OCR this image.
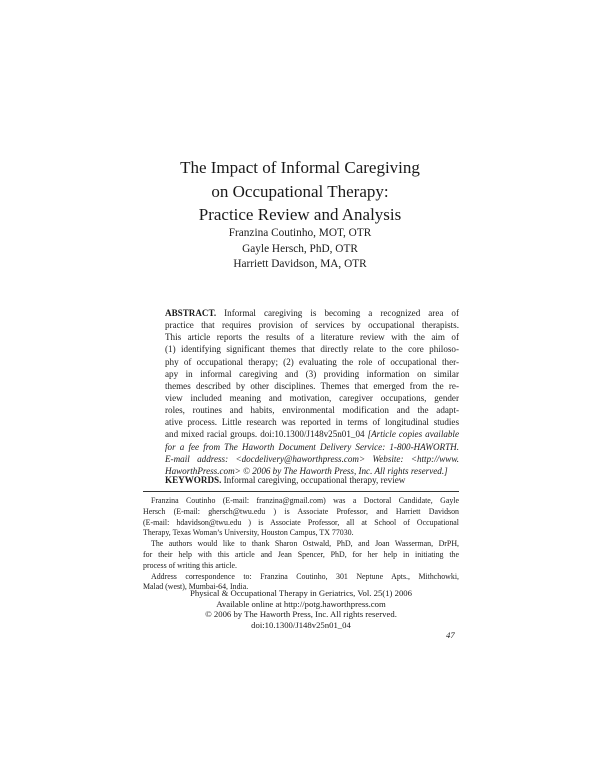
The Impact of Informal Caregiving
on Occupational Therapy:
Practice Review and Analysis
Franzina Coutinho, MOT, OTR
Gayle Hersch, PhD, OTR
Harriett Davidson, MA, OTR
ABSTRACT. Informal caregiving is becoming a recognized area of
practice that requires provision of services by occupational therapists.
This article reports the results of a literature review with the aim of
(1) identifying significant themes that directly relate to the core philoso-
phy of occupational therapy; (2) evaluating the role of occupational ther-
apy in informal caregiving and (3) providing information on similar
themes described by other disciplines. Themes that emerged from the re-
view included meaning and motivation, caregiver occupations, gender
roles, routines and habits, environmental modification and the adapt-
ative process. Little research was reported in terms of longitudinal studies
and mixed racial groups. doi:10.1300/J148v25n01_04 [Article copies available
for a fee from The Haworth Document Delivery Service: 1-800-HAWORTH.
E-mail address: <docdelivery@haworthpress.com> Website: <http://www.
HaworthPress.com> © 2006 by The Haworth Press, Inc. All rights reserved.]
KEYWORDS. Informal caregiving, occupational therapy, review
Franzina Coutinho (E-mail: franzina@gmail.com) was a Doctoral Candidate, Gayle
Hersch (E-mail: ghersch@twu.edu ) is Associate Professor, and Harriett Davidson
(E-mail: hdavidson@twu.edu ) is Associate Professor, all at School of Occupational
Therapy, Texas Woman’s University, Houston Campus, TX 77030.
The authors would like to thank Sharon Ostwald, PhD, and Joan Wasserman, DrPH,
for their help with this article and Jean Spencer, PhD, for her help in initiating the
process of writing this article.
Address correspondence to: Franzina Coutinho, 301 Neptune Apts., Mithchowki,
Malad (west), Mumbai-64, India.
Physical & Occupational Therapy in Geriatrics, Vol. 25(1) 2006
Available online at http://potg.haworthpress.com
© 2006 by The Haworth Press, Inc. All rights reserved.
doi:10.1300/J148v25n01_04
47
